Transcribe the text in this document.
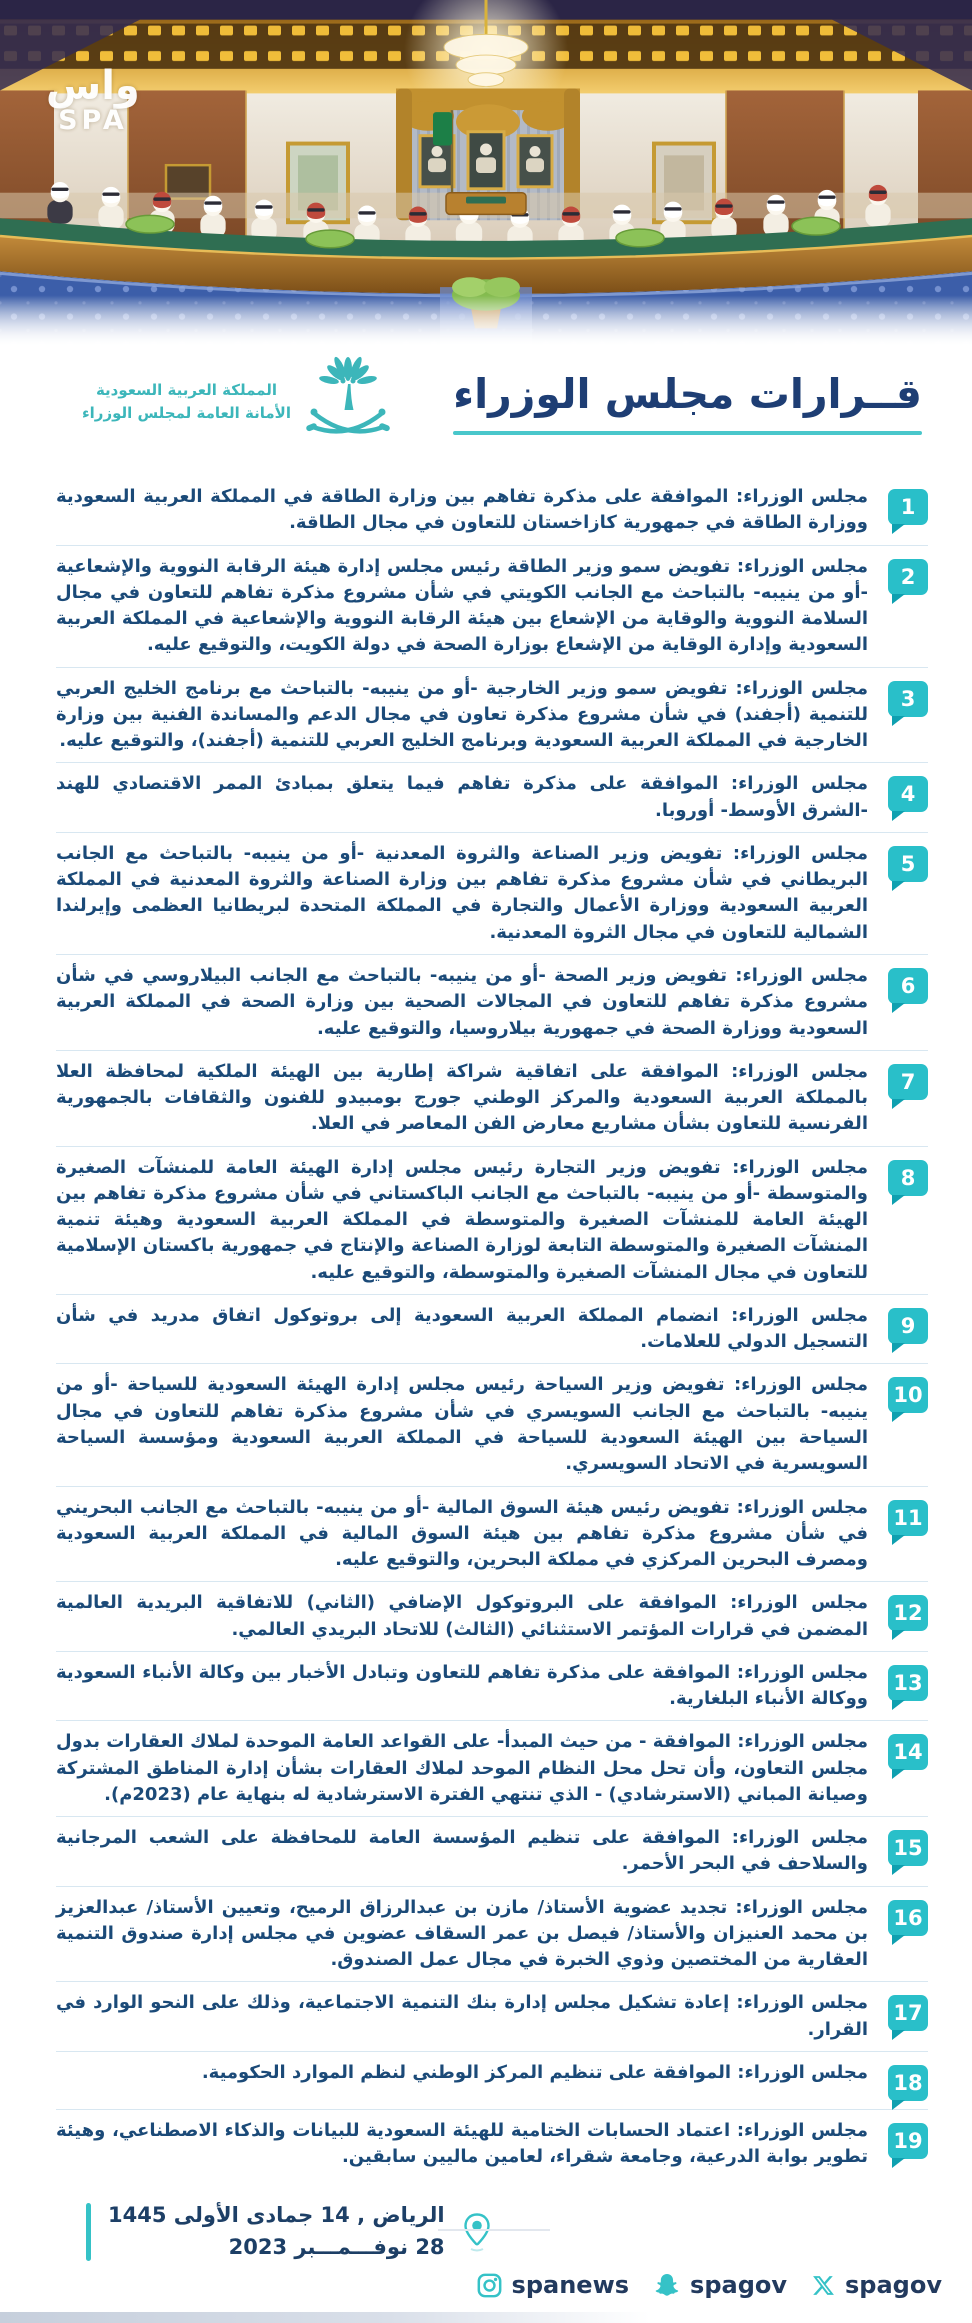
واس
SPA
المملكة العربية السعودية
الأمانة العامة لمجلس الوزراء	قــرارات مجلس الوزراء
1
مجلس الوزراء: الموافقة على مذكرة تفاهم بين وزارة الطاقة في المملكة العربية السعودية ووزارة الطاقة في جمهورية كازاخستان للتعاون في مجال الطاقة.
2
مجلس الوزراء: تفويض سمو وزير الطاقة رئيس مجلس إدارة هيئة الرقابة النووية والإشعاعية -أو من ينيبه- بالتباحث مع الجانب الكويتي في شأن مشروع مذكرة تفاهم للتعاون في مجال السلامة النووية والوقاية من الإشعاع بين هيئة الرقابة النووية والإشعاعية في المملكة العربية السعودية وإدارة الوقاية من الإشعاع بوزارة الصحة في دولة الكويت، والتوقيع عليه.
3
مجلس الوزراء: تفويض سمو وزير الخارجية -أو من ينيبه- بالتباحث مع برنامج الخليج العربي للتنمية (أجفند) في شأن مشروع مذكرة تعاون في مجال الدعم والمساندة الفنية بين وزارة الخارجية في المملكة العربية السعودية وبرنامج الخليج العربي للتنمية (أجفند)، والتوقيع عليه.
4
مجلس الوزراء: الموافقة على مذكرة تفاهم فيما يتعلق بمبادئ الممر الاقتصادي للهند -الشرق الأوسط- أوروبا.
5
مجلس الوزراء: تفويض وزير الصناعة والثروة المعدنية -أو من ينيبه- بالتباحث مع الجانب البريطاني في شأن مشروع مذكرة تفاهم بين وزارة الصناعة والثروة المعدنية في المملكة العربية السعودية ووزارة الأعمال والتجارة في المملكة المتحدة لبريطانيا العظمى وإيرلندا الشمالية للتعاون في مجال الثروة المعدنية.
6
مجلس الوزراء: تفويض وزير الصحة -أو من ينيبه- بالتباحث مع الجانب البيلاروسي في شأن مشروع مذكرة تفاهم للتعاون في المجالات الصحية بين وزارة الصحة في المملكة العربية السعودية ووزارة الصحة في جمهورية بيلاروسيا، والتوقيع عليه.
7
مجلس الوزراء: الموافقة على اتفاقية شراكة إطارية بين الهيئة الملكية لمحافظة العلا بالمملكة العربية السعودية والمركز الوطني جورج بومبيدو للفنون والثقافات بالجمهورية الفرنسية للتعاون بشأن مشاريع معارض الفن المعاصر في العلا.
8
مجلس الوزراء: تفويض وزير التجارة رئيس مجلس إدارة الهيئة العامة للمنشآت الصغيرة والمتوسطة -أو من ينيبه- بالتباحث مع الجانب الباكستاني في شأن مشروع مذكرة تفاهم بين الهيئة العامة للمنشآت الصغيرة والمتوسطة في المملكة العربية السعودية وهيئة تنمية المنشآت الصغيرة والمتوسطة التابعة لوزارة الصناعة والإنتاج في جمهورية باكستان الإسلامية للتعاون في مجال المنشآت الصغيرة والمتوسطة، والتوقيع عليه.
9
مجلس الوزراء: انضمام المملكة العربية السعودية إلى بروتوكول اتفاق مدريد في شأن التسجيل الدولي للعلامات.
10
مجلس الوزراء: تفويض وزير السياحة رئيس مجلس إدارة الهيئة السعودية للسياحة -أو من ينيبه- بالتباحث مع الجانب السويسري في شأن مشروع مذكرة تفاهم للتعاون في مجال السياحة بين الهيئة السعودية للسياحة في المملكة العربية السعودية ومؤسسة السياحة السويسرية في الاتحاد السويسري.
11
مجلس الوزراء: تفويض رئيس هيئة السوق المالية -أو من ينيبه- بالتباحث مع الجانب البحريني في شأن مشروع مذكرة تفاهم بين هيئة السوق المالية في المملكة العربية السعودية ومصرف البحرين المركزي في مملكة البحرين، والتوقيع عليه.
12
مجلس الوزراء: الموافقة على البروتوكول الإضافي (الثاني) للاتفاقية البريدية العالمية المضمن في قرارات المؤتمر الاستثنائي (الثالث) للاتحاد البريدي العالمي.
13
مجلس الوزراء: الموافقة على مذكرة تفاهم للتعاون وتبادل الأخبار بين وكالة الأنباء السعودية ووكالة الأنباء البلغارية.
14
مجلس الوزراء: الموافقة - من حيث المبدأ- على القواعد العامة الموحدة لملاك العقارات بدول مجلس التعاون، وأن تحل محل النظام الموحد لملاك العقارات بشأن إدارة المناطق المشتركة وصيانة المباني (الاسترشادي) - الذي تنتهي الفترة الاسترشادية له بنهاية عام (2023م).
15
مجلس الوزراء: الموافقة على تنظيم المؤسسة العامة للمحافظة على الشعب المرجانية والسلاحف في البحر الأحمر.
16
مجلس الوزراء: تجديد عضوية الأستاذ/ مازن بن عبدالرزاق الرميح، وتعيين الأستاذ/ عبدالعزيز بن محمد العنيزان والأستاذ/ فيصل بن عمر السقاف عضوين في مجلس إدارة صندوق التنمية العقارية من المختصين وذوي الخبرة في مجال عمل الصندوق.
17
مجلس الوزراء: إعادة تشكيل مجلس إدارة بنك التنمية الاجتماعية، وذلك على النحو الوارد في القرار.
18
مجلس الوزراء: الموافقة على تنظيم المركز الوطني لنظم الموارد الحكومية.
19
مجلس الوزراء: اعتماد الحسابات الختامية للهيئة السعودية للبيانات والذكاء الاصطناعي، وهيئة تطوير بوابة الدرعية، وجامعة شقراء، لعامين ماليين سابقين.
الرياض , 14 جمادى الأولى 1445
28 نوفـــمـــبر 2023
spanews	spagov spagov
